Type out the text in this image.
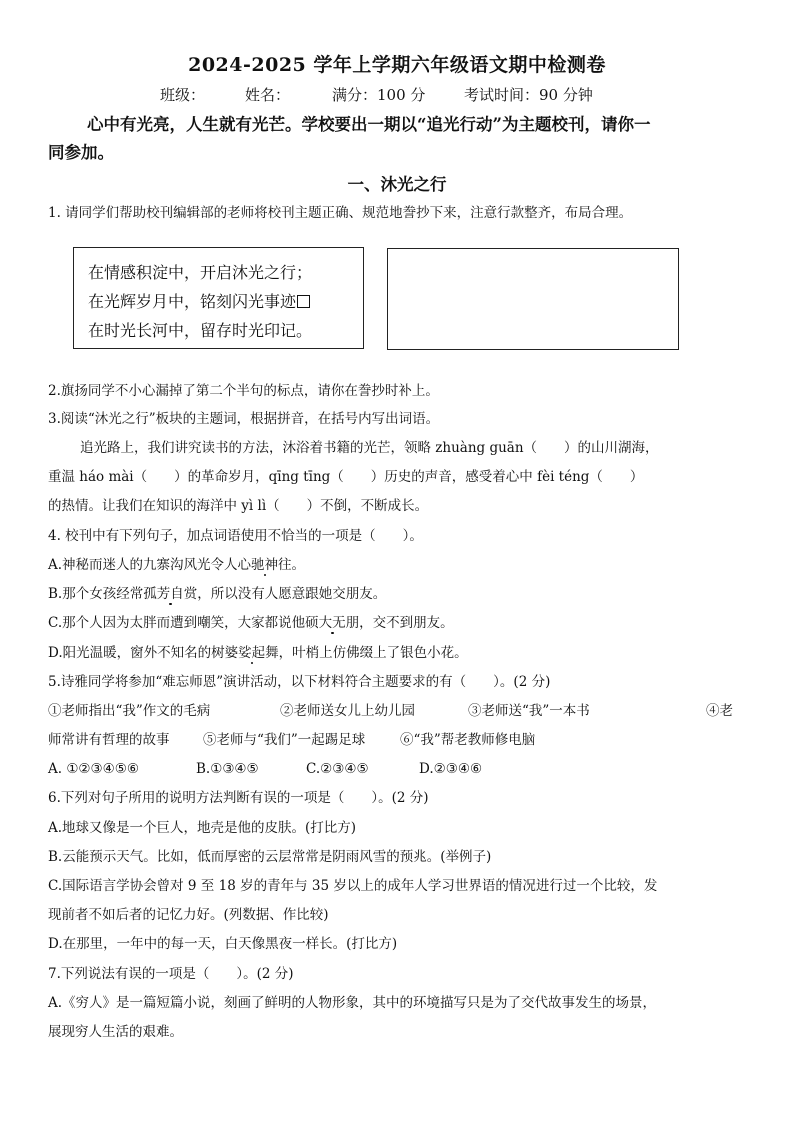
2024-2025 学年上学期六年级语文期中检测卷
班级：	姓名：	满分：100 分	考试时间：90 分钟
心中有光亮，人生就有光芒。学校要出一期以“追光行动”为主题校刊，请你一
同参加。
一、沐光之行
1. 请同学们帮助校刊编辑部的老师将校刊主题正确、规范地誊抄下来，注意行款整齐，布局合理。
在情感积淀中，开启沐光之行；
在光辉岁月中，铭刻闪光事迹
在时光长河中，留存时光印记。
2.旗扬同学不小心漏掉了第二个半句的标点，请你在誊抄时补上。
3.阅读“沐光之行”板块的主题词，根据拼音，在括号内写出词语。
追光路上，我们讲究读书的方法，沐浴着书籍的光芒，领略 zhuàng guān（　　）的山川湖海，
重温 háo mài（　　）的革命岁月，qīng tīng（　　）历史的声音，感受着心中 fèi téng（　　）
的热情。让我们在知识的海洋中 yì lì（　　）不倒，不断成长。
4. 校刊中有下列句子，加点词语使用不恰当的一项是（　　）。
A.神秘而迷人的九寨沟风光令人心驰神往。
B.那个女孩经常孤芳自赏，所以没有人愿意跟她交朋友。
C.那个人因为太胖而遭到嘲笑，大家都说他硕大无朋，交不到朋友。
D.阳光温暖，窗外不知名的树婆娑起舞，叶梢上仿佛缀上了银色小花。
5.诗雅同学将参加“难忘师恩”演讲活动，以下材料符合主题要求的有（　　）。(2 分)
①老师指出“我”作文的毛病	②老师送女儿上幼儿园	③老师送“我”一本书	④老
师常讲有哲理的故事 ⑤老师与“我们”一起踢足球	⑥“我”帮老教师修电脑
A. ①②③④⑤⑥	B.①③④⑤	C.②③④⑤	D.②③④⑥
6.下列对句子所用的说明方法判断有误的一项是（　　）。(2 分)
A.地球又像是一个巨人，地壳是他的皮肤。(打比方)
B.云能预示天气。比如，低而厚密的云层常常是阴雨风雪的预兆。(举例子)
C.国际语言学协会曾对 9 至 18 岁的青年与 35 岁以上的成年人学习世界语的情况进行过一个比较，发
现前者不如后者的记忆力好。(列数据、作比较)
D.在那里，一年中的每一天，白天像黑夜一样长。(打比方)
7.下列说法有误的一项是（　　）。(2 分)
A.《穷人》是一篇短篇小说，刻画了鲜明的人物形象，其中的环境描写只是为了交代故事发生的场景，
展现穷人生活的艰难。
